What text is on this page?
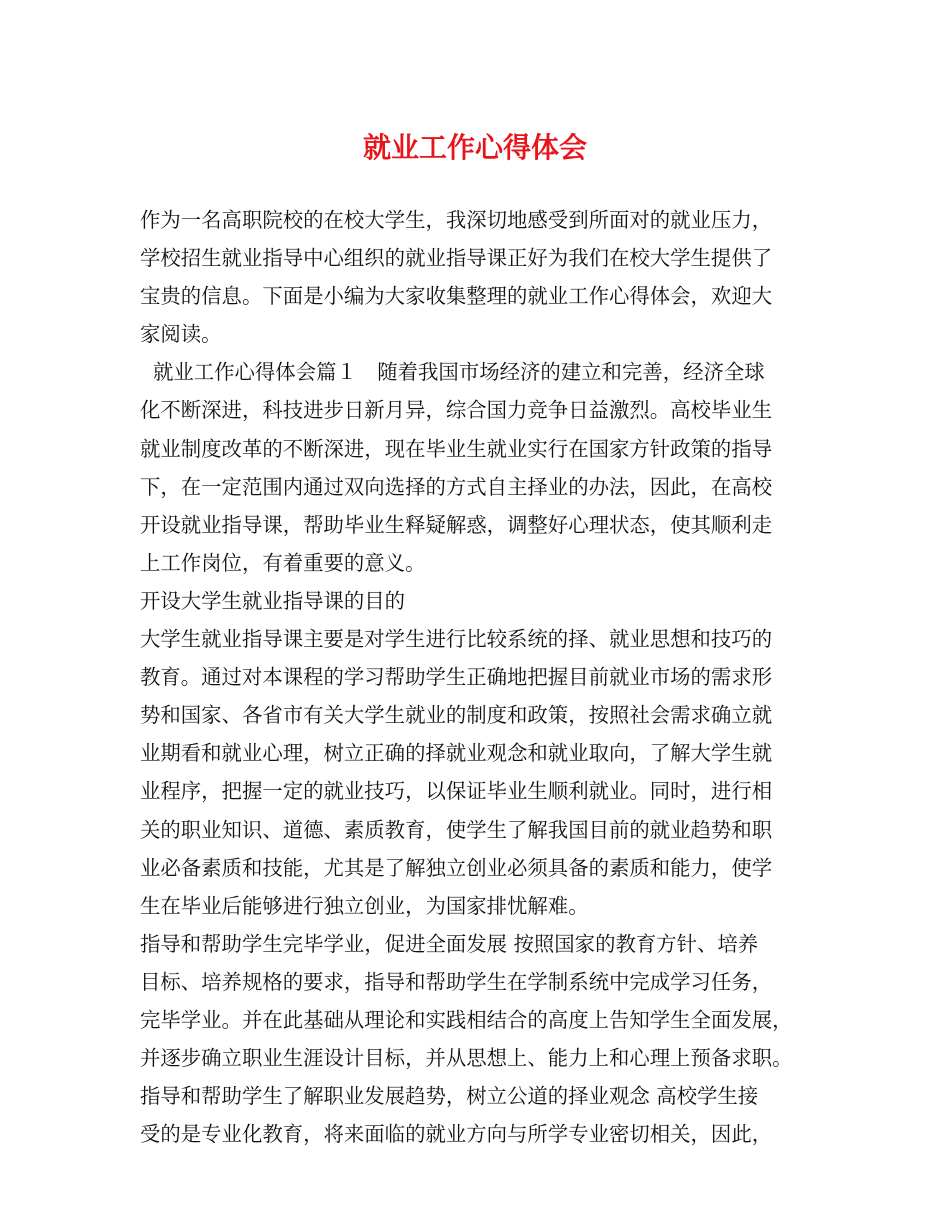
就业工作心得体会
作为一名高职院校的在校大学生，我深切地感受到所面对的就业压力，
学校招生就业指导中心组织的就业指导课正好为我们在校大学生提供了
宝贵的信息。下面是小编为大家收集整理的就业工作心得体会，欢迎大
家阅读。
就业工作心得体会篇１　随着我国市场经济的建立和完善，经济全球
化不断深进，科技进步日新月异，综合国力竞争日益激烈。高校毕业生
就业制度改革的不断深进，现在毕业生就业实行在国家方针政策的指导
下，在一定范围内通过双向选择的方式自主择业的办法，因此，在高校
开设就业指导课，帮助毕业生释疑解惑，调整好心理状态，使其顺利走
上工作岗位，有着重要的意义。
开设大学生就业指导课的目的
大学生就业指导课主要是对学生进行比较系统的择、就业思想和技巧的
教育。通过对本课程的学习帮助学生正确地把握目前就业市场的需求形
势和国家、各省市有关大学生就业的制度和政策，按照社会需求确立就
业期看和就业心理，树立正确的择就业观念和就业取向，了解大学生就
业程序，把握一定的就业技巧，以保证毕业生顺利就业。同时，进行相
关的职业知识、道德、素质教育，使学生了解我国目前的就业趋势和职
业必备素质和技能，尤其是了解独立创业必须具备的素质和能力，使学
生在毕业后能够进行独立创业，为国家排忧解难。
指导和帮助学生完毕学业，促进全面发展 按照国家的教育方针、培养
目标、培养规格的要求，指导和帮助学生在学制系统中完成学习任务，
完毕学业。并在此基础从理论和实践相结合的高度上告知学生全面发展，
并逐步确立职业生涯设计目标，并从思想上、能力上和心理上预备求职。
指导和帮助学生了解职业发展趋势，树立公道的择业观念 高校学生接
受的是专业化教育，将来面临的就业方向与所学专业密切相关，因此，
